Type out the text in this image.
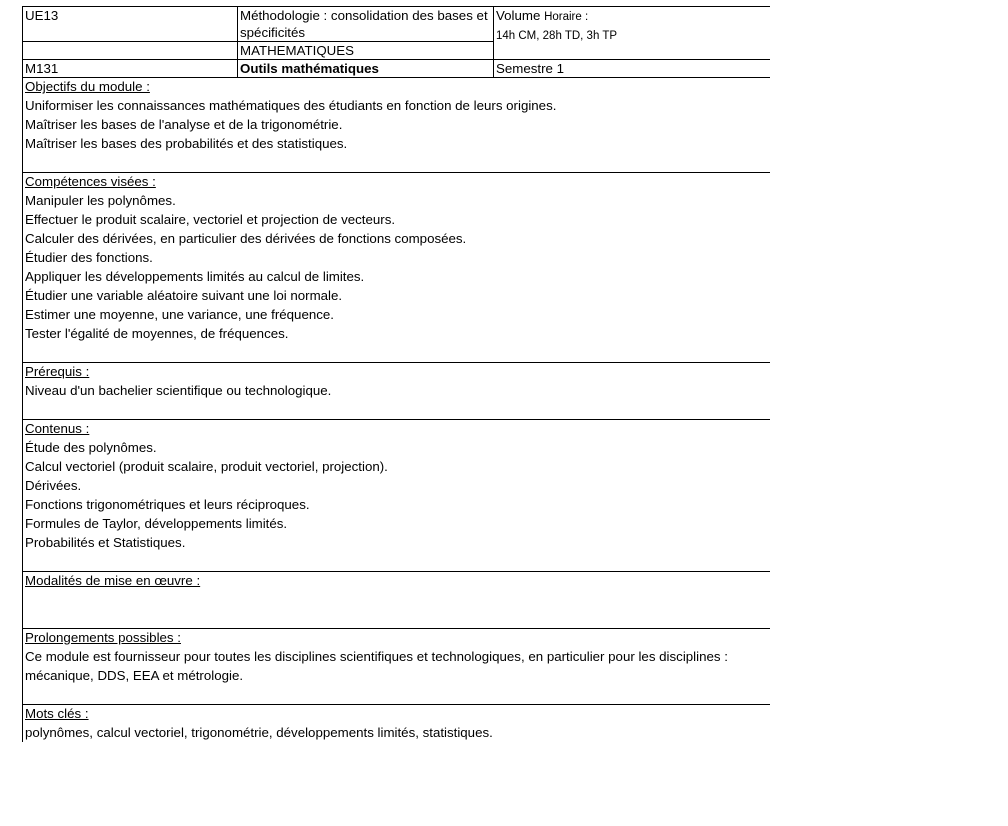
UE13	Méthodologie : consolidation des bases et spécificités	Volume Horaire :
14h CM, 28h TD, 3h TP
	MATHEMATIQUES	
M131	Outils mathématiques	Semestre 1
Objectifs du module :
Uniformiser les connaissances mathématiques des étudiants en fonction de leurs origines.
Maîtriser les bases de l'analyse et de la trigonométrie.
Maîtriser les bases des probabilités et des statistiques.
Compétences visées :
Manipuler les polynômes.
Effectuer le produit scalaire, vectoriel et projection de vecteurs.
Calculer des dérivées, en particulier des dérivées de fonctions composées.
Étudier des fonctions.
Appliquer les développements limités au calcul de limites.
Étudier une variable aléatoire suivant une loi normale.
Estimer une moyenne, une variance, une fréquence.
Tester l'égalité de moyennes, de fréquences.
Prérequis :
Niveau d'un bachelier scientifique ou technologique.
Contenus :
Étude des polynômes.
Calcul vectoriel (produit scalaire, produit vectoriel, projection).
Dérivées.
Fonctions trigonométriques et leurs réciproques.
Formules de Taylor, développements limités.
Probabilités et Statistiques.
Modalités de mise en œuvre :
Prolongements possibles :
Ce module est fournisseur pour toutes les disciplines scientifiques et technologiques, en particulier pour les disciplines : mécanique, DDS, EEA et métrologie.
Mots clés :
polynômes, calcul vectoriel, trigonométrie, développements limités, statistiques.
